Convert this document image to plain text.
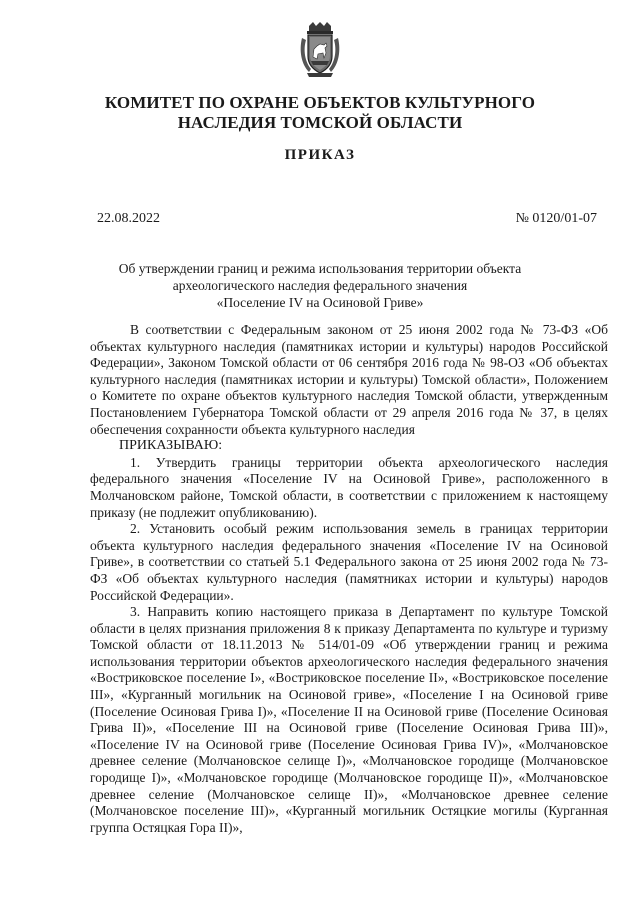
КОМИТЕТ ПО ОХРАНЕ ОБЪЕКТОВ КУЛЬТУРНОГО
НАСЛЕДИЯ ТОМСКОЙ ОБЛАСТИ
ПРИКАЗ
22.08.2022	№ 0120/01-07
Об утверждении границ и режима использования территории объекта
археологического наследия федерального значения
«Поселение IV на Осиновой Гриве»

В соответствии с Федеральным законом от 25 июня 2002 года № 73-ФЗ «Об объектах культурного наследия (памятниках истории и культуры) народов Российской Федерации», Законом Томской области от 06 сентября 2016 года № 98-ОЗ «Об объектах культурного наследия (памятниках истории и культуры) Томской области», Положением о Комитете по охране объектов культурного наследия Томской области, утвержденным Постановлением Губернатора Томской области от 29 апреля 2016 года № 37, в целях обеспечения сохранности объекта культурного наследия

ПРИКАЗЫВАЮ:

1. Утвердить границы территории объекта археологического наследия федерального значения «Поселение IV на Осиновой Гриве», расположенного в Молчановском районе, Томской области, в соответствии с приложением к настоящему приказу (не подлежит опубликованию).

2. Установить особый режим использования земель в границах территории объекта культурного наследия федерального значения «Поселение IV на Осиновой Гриве», в соответствии со статьей 5.1 Федерального закона от 25 июня 2002 года № 73-ФЗ «Об объектах культурного наследия (памятниках истории и культуры) народов Российской Федерации».

3. Направить копию настоящего приказа в Департамент по культуре Томской области в целях признания приложения 8 к приказу Департамента по культуре и туризму Томской области от 18.11.2013 № 514/01-09 «Об утверждении границ и режима использования территории объектов археологического наследия федерального значения «Востриковское поселение I», «Востриковское поселение II», «Востриковское поселение III», «Курганный могильник на Осиновой гриве», «Поселение I на Осиновой гриве (Поселение Осиновая Грива I)», «Поселение II на Осиновой гриве (Поселение Осиновая Грива II)», «Поселение III на Осиновой гриве (Поселение Осиновая Грива III)», «Поселение IV на Осиновой гриве (Поселение Осиновая Грива IV)», «Молчановское древнее селение (Молчановское селище I)», «Молчановское городище (Молчановское городище I)», «Молчановское городище (Молчановское городище II)», «Молчановское древнее селение (Молчановское селище II)», «Молчановское древнее селение (Молчановское поселение III)», «Курганный могильник Остяцкие могилы (Курганная группа Остяцкая Гора II)»,
